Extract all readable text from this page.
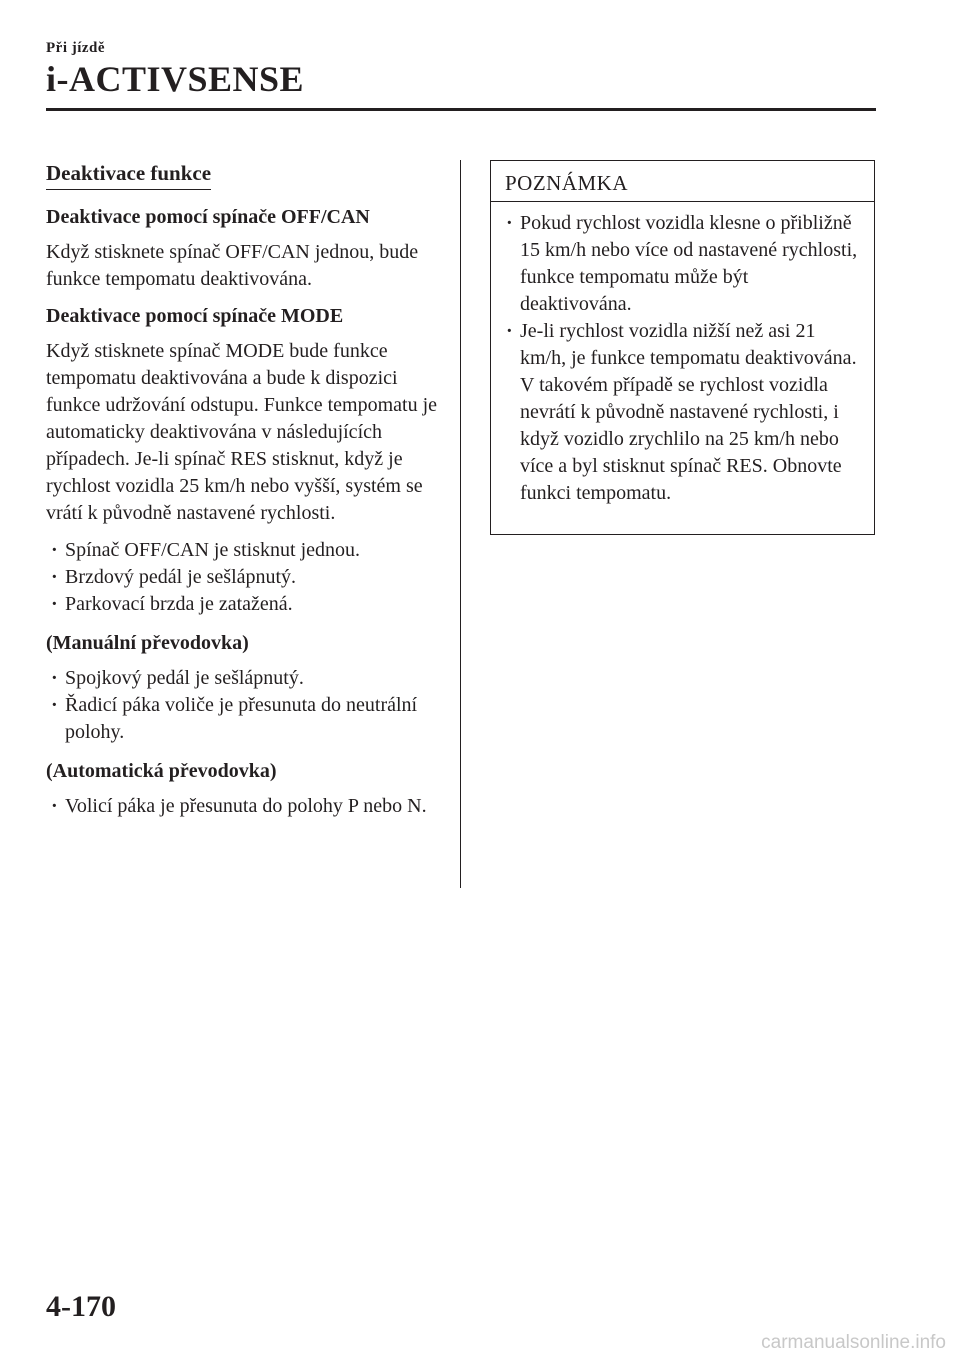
Při jízdě

i-ACTIVSENSE
Deaktivace funkce
Deaktivace pomocí spínače OFF/CAN

Když stisknete spínač OFF/CAN jednou, bude funkce tempomatu deaktivována.

Deaktivace pomocí spínače MODE

Když stisknete spínač MODE bude funkce tempomatu deaktivována a bude k dispozici funkce udržování odstupu. Funkce tempomatu je automaticky deaktivována v následujících případech. Je-li spínač RES stisknut, když je rychlost vozidla 25 km/h nebo vyšší, systém se vrátí k původně nastavené rychlosti.

· Spínač OFF/CAN je stisknut jednou.
· Brzdový pedál je sešlápnutý.
· Parkovací brzda je zatažená.
(Manuální převodovka)
· Spojkový pedál je sešlápnutý.
· Řadicí páka voliče je přesunuta do neutrální polohy.
(Automatická převodovka)
· Volicí páka je přesunuta do polohy P nebo N.
POZNÁMKA
· Pokud rychlost vozidla klesne o přibližně 15 km/h nebo více od nastavené rychlosti, funkce tempomatu může být deaktivována.
· Je-li rychlost vozidla nižší než asi 21 km/h, je funkce tempomatu deaktivována. V takovém případě se rychlost vozidla nevrátí k původně nastavené rychlosti, i když vozidlo zrychlilo na 25 km/h nebo více a byl stisknut spínač RES. Obnovte funkci tempomatu.

4-170

carmanualsonline.info
